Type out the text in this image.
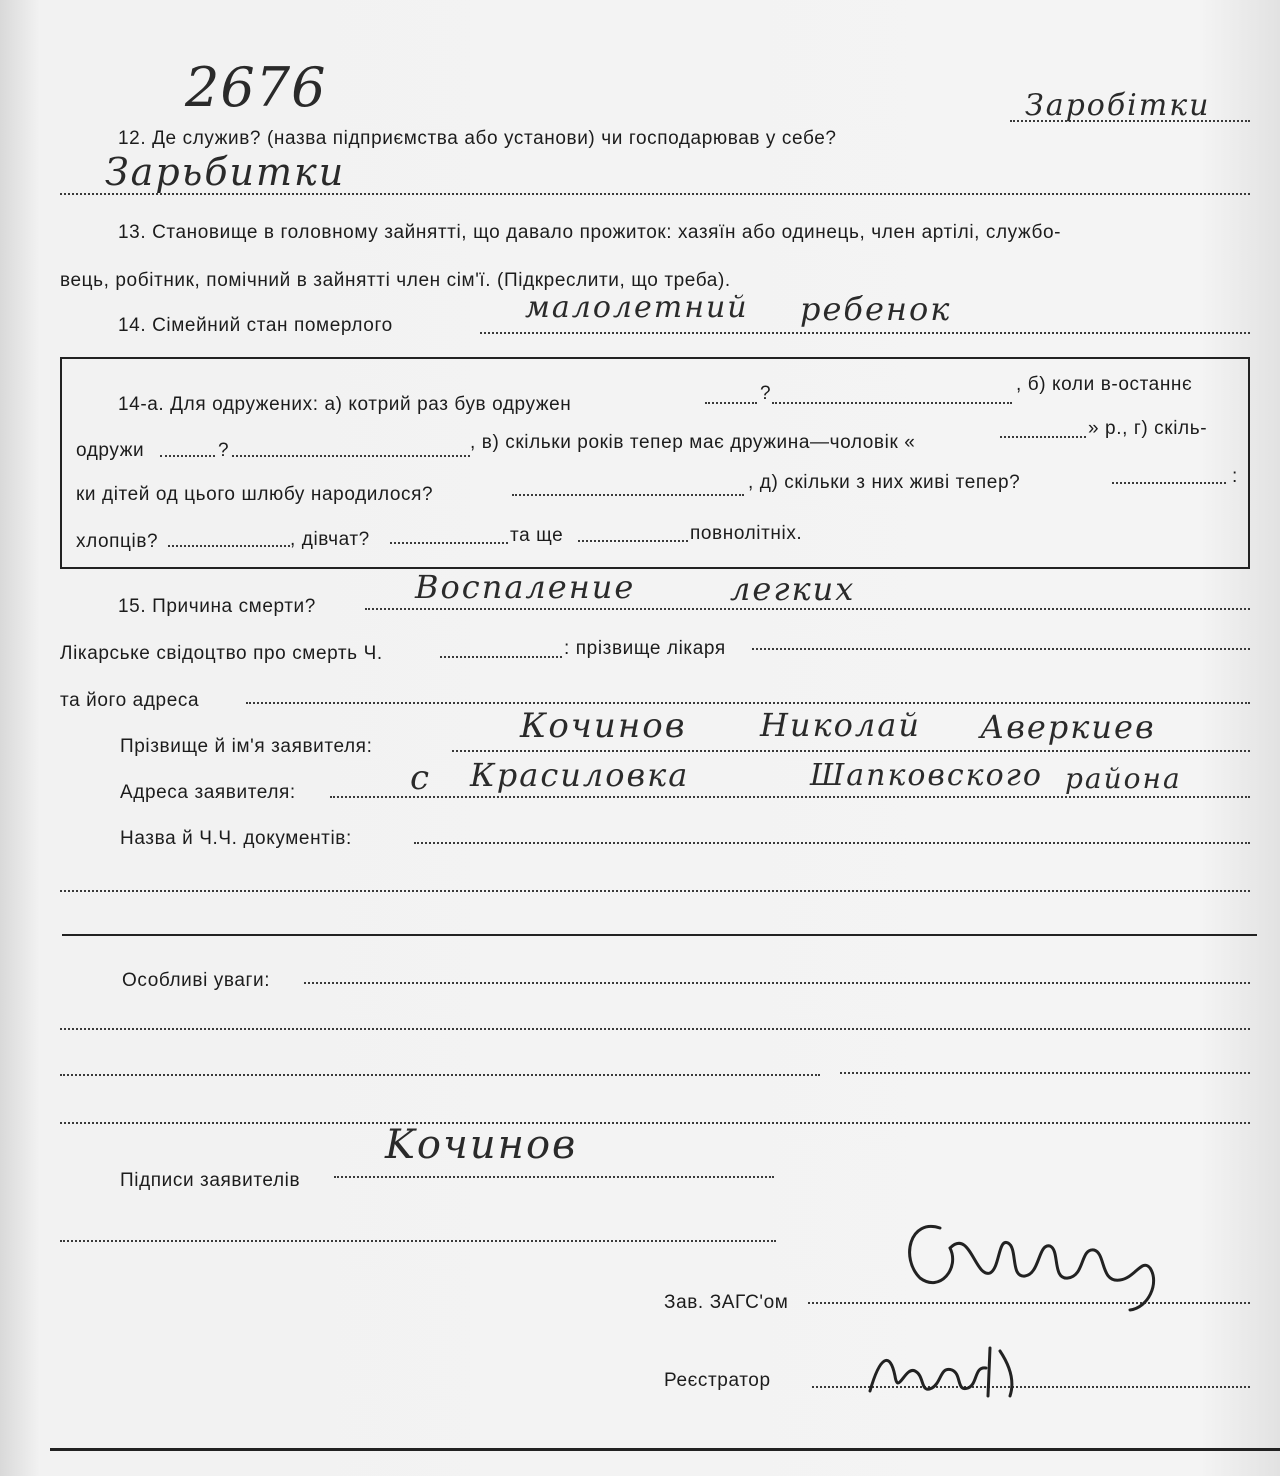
2676
12. Де служив? (назва підприємства або установи) чи господарював у себе?
Заробітки
Зарьбитки
13. Становище в головному зайнятті, що давало прожиток: хазяїн або одинець, член артілі, службо-
вець, робітник, помічний в зайнятті член сім'ї. (Підкреслити, що треба).
14. Сімейний стан померлого
малолетний ребенок
14-а. Для одружених: а) котрий раз був одружен
?	, б) коли в-останнє
одружи	?	, в) скільки років тепер має дружина—чоловік «
» р., г) скіль-
ки дітей од цього шлюбу народилося?
, д) скільки з них живі тепер?	:
хлопців?	, дівчат?	та ще	повнолітніх.
15. Причина смерти?
Воспаление	легких
Лікарське свідоцтво про смерть Ч.	: прізвище лікаря
та його адреса
Прізвище й ім'я заявителя:
Кочинов Николай Аверкиев
Адреса заявителя:	с Красиловка	Шапковского района
Назва й Ч.Ч. документів:
Особливі уваги:
Підписи заявителів
Kочинов
Зав. ЗАГС'ом
Реєстратор
